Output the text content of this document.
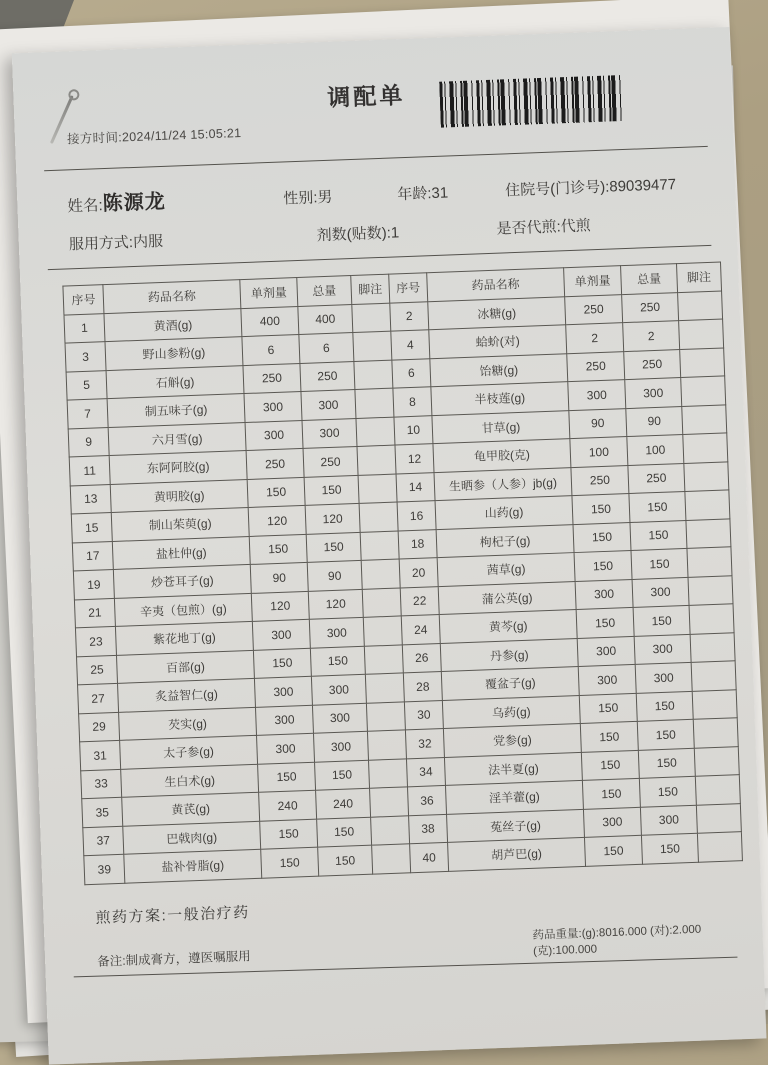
接方时间:2024/11/24 15:05:21
调配单
姓名:陈源龙	性别:男	年龄:31	住院号(门诊号):89039477
服用方式:内服	剂数(贴数):1	是否代煎:代煎
序号	药品名称	单剂量	总量	脚注	序号	药品名称	单剂量	总量	脚注
1	黄酒(g)	400	400		2	冰糖(g)	250	250	
3	野山参粉(g)	6	6		4	蛤蚧(对)	2	2	
5	石斛(g)	250	250		6	饴糖(g)	250	250	
7	制五味子(g)	300	300		8	半枝莲(g)	300	300	
9	六月雪(g)	300	300		10	甘草(g)	90	90	
11	东阿阿胶(g)	250	250		12	龟甲胶(克)	100	100	
13	黄明胶(g)	150	150		14	生晒参（人参）jb(g)	250	250	
15	制山茱萸(g)	120	120		16	山药(g)	150	150	
17	盐杜仲(g)	150	150		18	枸杞子(g)	150	150	
19	炒苍耳子(g)	90	90		20	茜草(g)	150	150	
21	辛夷（包煎）(g)	120	120		22	蒲公英(g)	300	300	
23	紫花地丁(g)	300	300		24	黄芩(g)	150	150	
25	百部(g)	150	150		26	丹参(g)	300	300	
27	炙益智仁(g)	300	300		28	覆盆子(g)	300	300	
29	芡实(g)	300	300		30	乌药(g)	150	150	
31	太子参(g)	300	300		32	党参(g)	150	150	
33	生白术(g)	150	150		34	法半夏(g)	150	150	
35	黄芪(g)	240	240		36	淫羊藿(g)	150	150	
37	巴戟肉(g)	150	150		38	菟丝子(g)	300	300	
39	盐补骨脂(g)	150	150		40	胡芦巴(g)	150	150	
煎药方案:一般治疗药
备注:制成膏方，遵医嘱服用
药品重量:(g):8016.000 (对):2.000 (克):100.000
